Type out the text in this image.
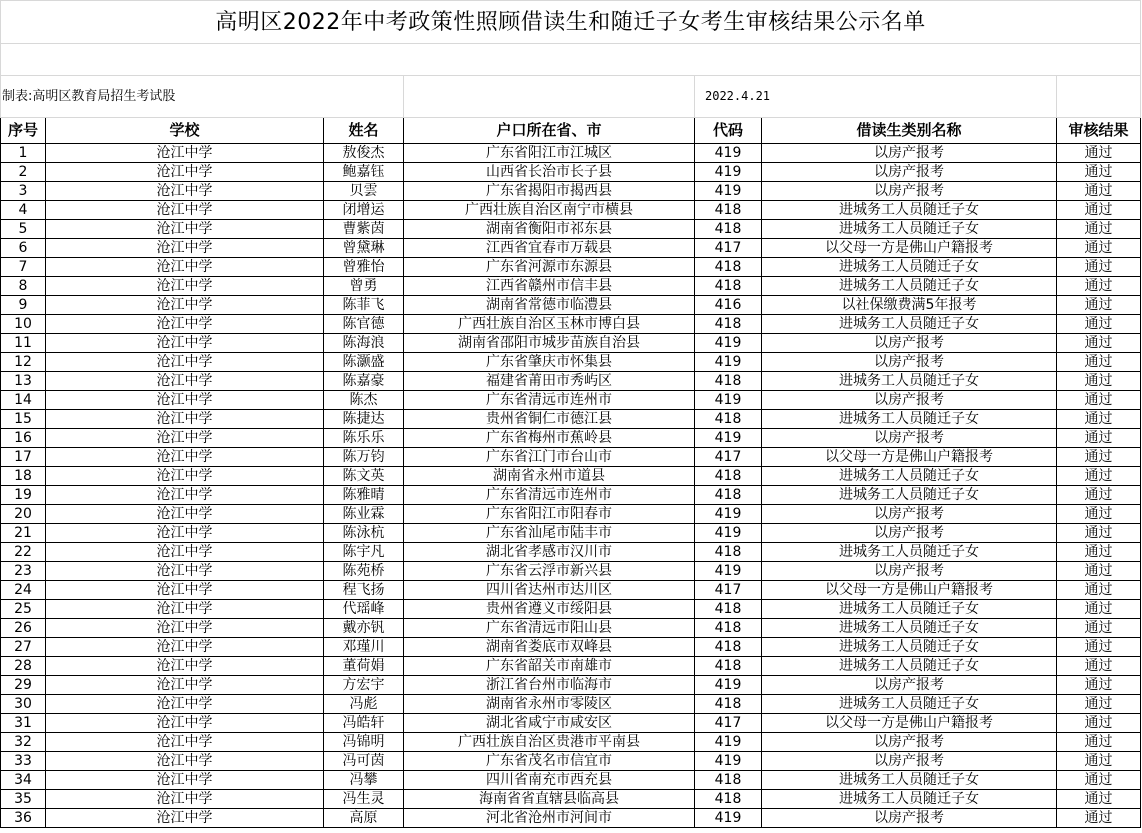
高明区2022年中考政策性照顾借读生和随迁子女考生审核结果公示名单						

制表:高明区教育局招生考试股				2022.4.21		
序号	学校	姓名	户口所在省、市	代码	借读生类别名称	审核结果
1	沧江中学	敖俊杰	广东省阳江市江城区	419	以房产报考	通过
2	沧江中学	鲍嘉钰	山西省长治市长子县	419	以房产报考	通过
3	沧江中学	贝雲	广东省揭阳市揭西县	419	以房产报考	通过
4	沧江中学	闭增运	广西壮族自治区南宁市横县	418	进城务工人员随迁子女	通过
5	沧江中学	曹紫茵	湖南省衡阳市祁东县	418	进城务工人员随迁子女	通过
6	沧江中学	曾黛琳	江西省宜春市万载县	417	以父母一方是佛山户籍报考	通过
7	沧江中学	曾雅怡	广东省河源市东源县	418	进城务工人员随迁子女	通过
8	沧江中学	曾勇	江西省赣州市信丰县	418	进城务工人员随迁子女	通过
9	沧江中学	陈菲飞	湖南省常德市临澧县	416	以社保缴费满5年报考	通过
10	沧江中学	陈官德	广西壮族自治区玉林市博白县	418	进城务工人员随迁子女	通过
11	沧江中学	陈海浪	湖南省邵阳市城步苗族自治县	419	以房产报考	通过
12	沧江中学	陈灏盛	广东省肇庆市怀集县	419	以房产报考	通过
13	沧江中学	陈嘉豪	福建省莆田市秀屿区	418	进城务工人员随迁子女	通过
14	沧江中学	陈杰	广东省清远市连州市	419	以房产报考	通过
15	沧江中学	陈捷达	贵州省铜仁市德江县	418	进城务工人员随迁子女	通过
16	沧江中学	陈乐乐	广东省梅州市蕉岭县	419	以房产报考	通过
17	沧江中学	陈万钧	广东省江门市台山市	417	以父母一方是佛山户籍报考	通过
18	沧江中学	陈文英	湖南省永州市道县	418	进城务工人员随迁子女	通过
19	沧江中学	陈雅晴	广东省清远市连州市	418	进城务工人员随迁子女	通过
20	沧江中学	陈业霖	广东省阳江市阳春市	419	以房产报考	通过
21	沧江中学	陈泳杭	广东省汕尾市陆丰市	419	以房产报考	通过
22	沧江中学	陈宇凡	湖北省孝感市汉川市	418	进城务工人员随迁子女	通过
23	沧江中学	陈苑桥	广东省云浮市新兴县	419	以房产报考	通过
24	沧江中学	程飞扬	四川省达州市达川区	417	以父母一方是佛山户籍报考	通过
25	沧江中学	代瑶峰	贵州省遵义市绥阳县	418	进城务工人员随迁子女	通过
26	沧江中学	戴亦钒	广东省清远市阳山县	418	进城务工人员随迁子女	通过
27	沧江中学	邓瑾川	湖南省娄底市双峰县	418	进城务工人员随迁子女	通过
28	沧江中学	董荷娟	广东省韶关市南雄市	418	进城务工人员随迁子女	通过
29	沧江中学	方宏宇	浙江省台州市临海市	419	以房产报考	通过
30	沧江中学	冯彪	湖南省永州市零陵区	418	进城务工人员随迁子女	通过
31	沧江中学	冯皓轩	湖北省咸宁市咸安区	417	以父母一方是佛山户籍报考	通过
32	沧江中学	冯锦明	广西壮族自治区贵港市平南县	419	以房产报考	通过
33	沧江中学	冯可茵	广东省茂名市信宜市	419	以房产报考	通过
34	沧江中学	冯攀	四川省南充市西充县	418	进城务工人员随迁子女	通过
35	沧江中学	冯生灵	海南省省直辖县临高县	418	进城务工人员随迁子女	通过
36	沧江中学	高原	河北省沧州市河间市	419	以房产报考	通过
